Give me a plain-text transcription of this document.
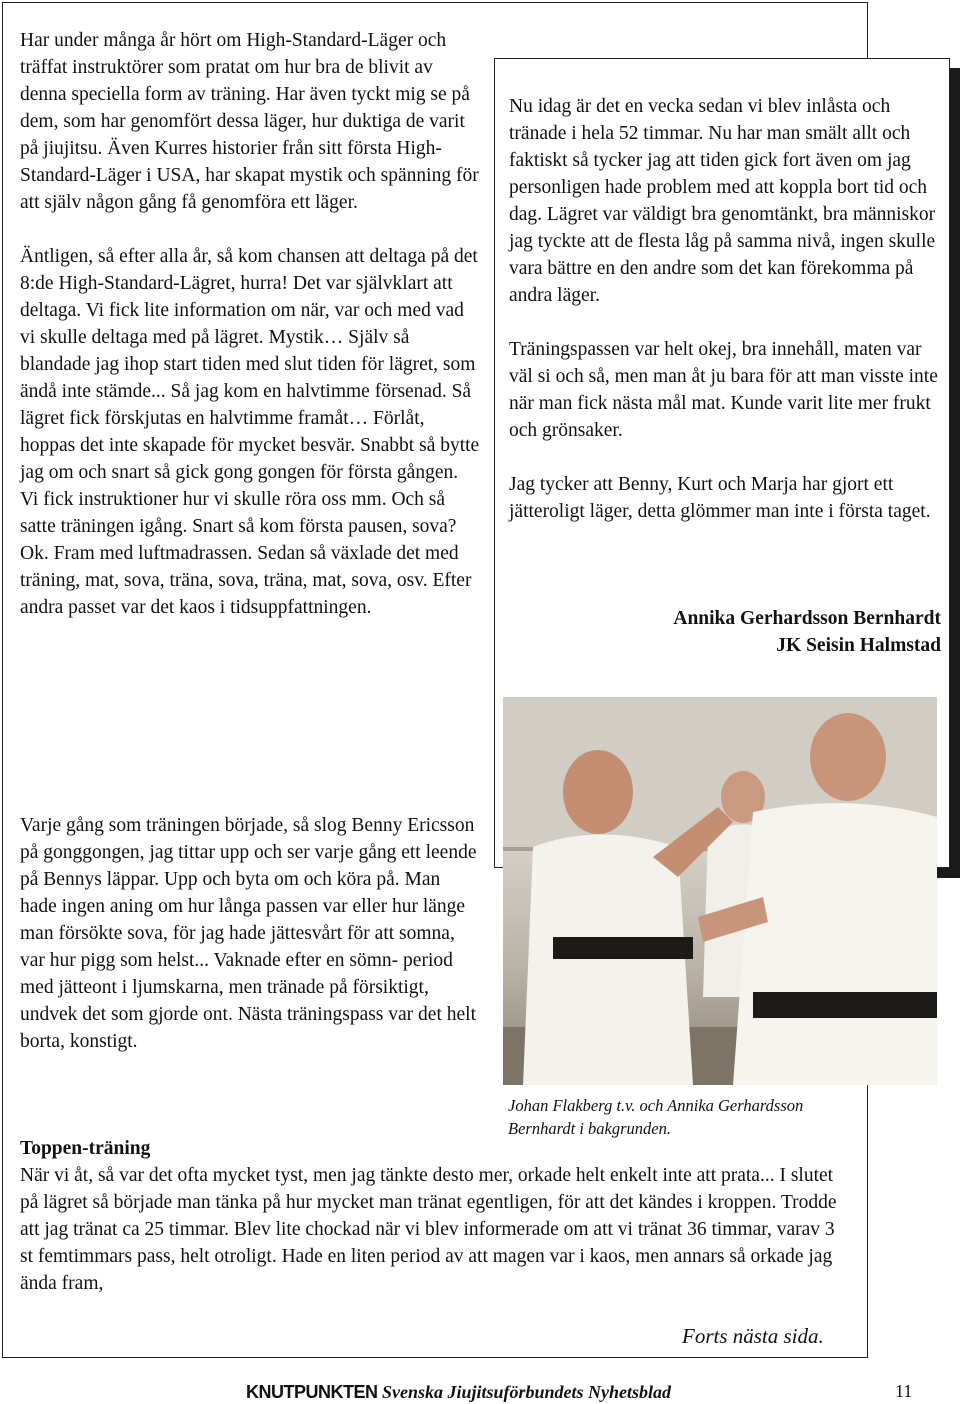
Har under många år hört om High-Standard-Läger och träffat instruktörer som pratat om hur bra de blivit av denna speciella form av träning. Har även tyckt mig se på dem, som har genomfört dessa läger, hur duktiga de varit på jiujitsu. Även Kurres historier från sitt första High-Standard-Läger i USA, har skapat mystik och spänning för att själv någon gång få genomföra ett läger.

Äntligen, så efter alla år, så kom chansen att deltaga på det 8:de High-Standard-Lägret, hurra! Det var självklart att deltaga. Vi fick lite information om när, var och med vad vi skulle deltaga med på lägret. Mystik… Själv så blandade jag ihop start tiden med slut tiden för lägret, som ändå inte stämde... Så jag kom en halvtimme försenad. Så lägret fick förskjutas en halvtimme framåt… Förlåt, hoppas det inte skapade för mycket besvär. Snabbt så bytte jag om och snart så gick gong gongen för första gången. Vi fick instruktioner hur vi skulle röra oss mm. Och så satte träningen igång. Snart så kom första pausen, sova? Ok. Fram med luftmadrassen. Sedan så växlade det med träning, mat, sova, träna, sova, träna, mat, sova, osv. Efter andra passet var det kaos i tidsuppfattningen.

Varje gång som träningen började, så slog Benny Ericsson på gonggongen, jag tittar upp och ser varje gång ett leende på Bennys läppar. Upp och byta om och köra på. Man hade ingen aning om hur långa passen var eller hur länge man försökte sova, för jag hade jättesvårt för att somna, var hur pigg som helst... Vaknade efter en sömn- period med jätteont i ljumskarna, men tränade på försiktigt, undvek det som gjorde ont. Nästa träningspass var det helt borta, konstigt.

Nu idag är det en vecka sedan vi blev inlåsta och tränade i hela 52 timmar. Nu har man smält allt och faktiskt så tycker jag att tiden gick fort även om jag personligen hade problem med att koppla bort tid och dag. Lägret var väldigt bra genomtänkt, bra människor jag tyckte att de flesta låg på samma nivå, ingen skulle vara bättre en den andre som det kan förekomma på andra läger.

Träningspassen var helt okej, bra innehåll, maten var väl si och så, men man åt ju bara för att man visste inte när man fick nästa mål mat. Kunde varit lite mer frukt och grönsaker.

Jag tycker att Benny, Kurt och Marja har gjort ett jätteroligt läger, detta glömmer man inte i första taget.

Annika Gerhardsson Bernhardt
JK Seisin Halmstad
Johan Flakberg t.v. och Annika Gerhardsson
Bernhardt i bakgrunden.

Toppen-träning

När vi åt, så var det ofta mycket tyst, men jag tänkte desto mer, orkade helt enkelt inte att prata... I slutet på lägret så började man tänka på hur mycket man tränat egentligen, för att det kändes i kroppen. Trodde att jag tränat ca 25 timmar. Blev lite chockad när vi blev informerade om att vi tränat 36 timmar, varav 3 st femtimmars pass, helt otroligt. Hade en liten period av att magen var i kaos, men annars så orkade jag ända fram,

Forts nästa sida.
KNUTPUNKTEN Svenska Jiujitsuförbundets Nyhetsblad	11
